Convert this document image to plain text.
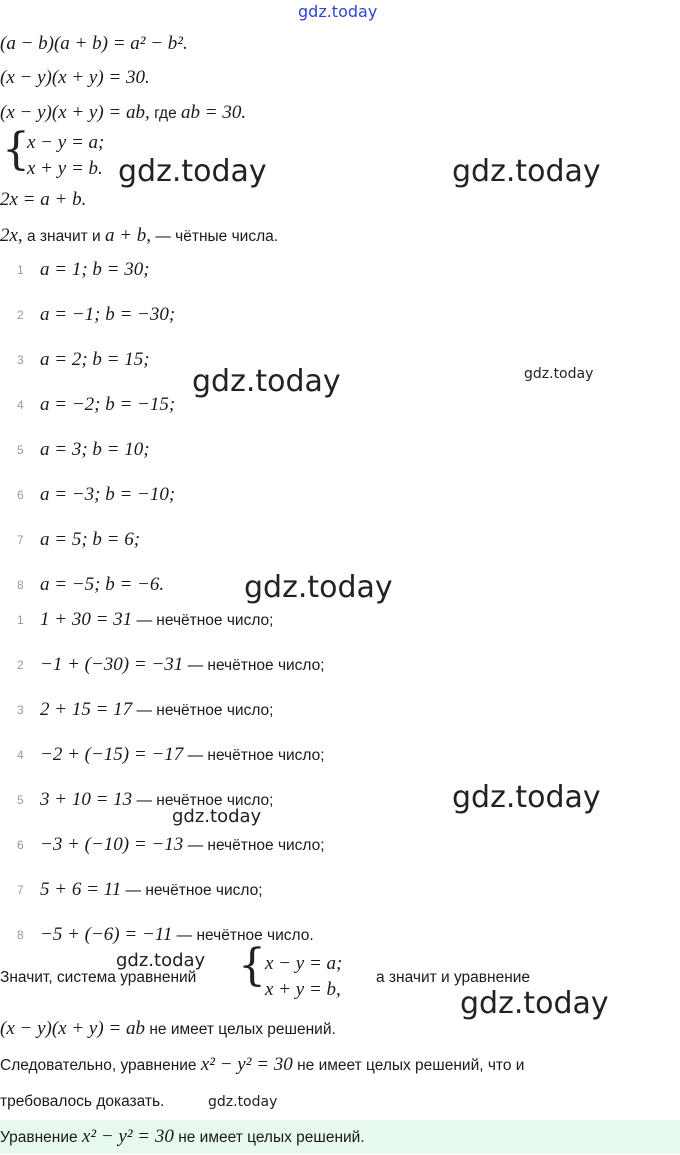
gdz.today
(a − b)(a + b) = a² − b².
(x − y)(x + y) = 30.
(x − y)(x + y) = ab, где ab = 30.
{
x − y = a;
x + y = b.
2x = a + b.
2x, а значит и a + b, — чётные числа.
1 a = 1; b = 30;
2 a = −1; b = −30;
3 a = 2; b = 15;
4 a = −2; b = −15;
5 a = 3; b = 10;
6 a = −3; b = −10;
7 a = 5; b = 6;
8 a = −5; b = −6.
1 1 + 30 = 31 — нечётное число;
2 −1 + (−30) = −31 — нечётное число;
3 2 + 15 = 17 — нечётное число;
4 −2 + (−15) = −17 — нечётное число;
5 3 + 10 = 13 — нечётное число;
6 −3 + (−10) = −13 — нечётное число;
7 5 + 6 = 11 — нечётное число;
8 −5 + (−6) = −11 — нечётное число.
Значит, система уравнений { x − y = a;
x + y = b,
а значит и уравнение
(x − y)(x + y) = ab не имеет целых решений.
Следовательно, уравнение x² − y² = 30 не имеет целых решений, что и
требовалось доказать.
Уравнение x² − y² = 30 не имеет целых решений.
gdz.today	gdz.today
gdz.today	gdz.today
gdz.today
gdz.today
gdz.today
gdz.today
gdz.today
gdz.today
